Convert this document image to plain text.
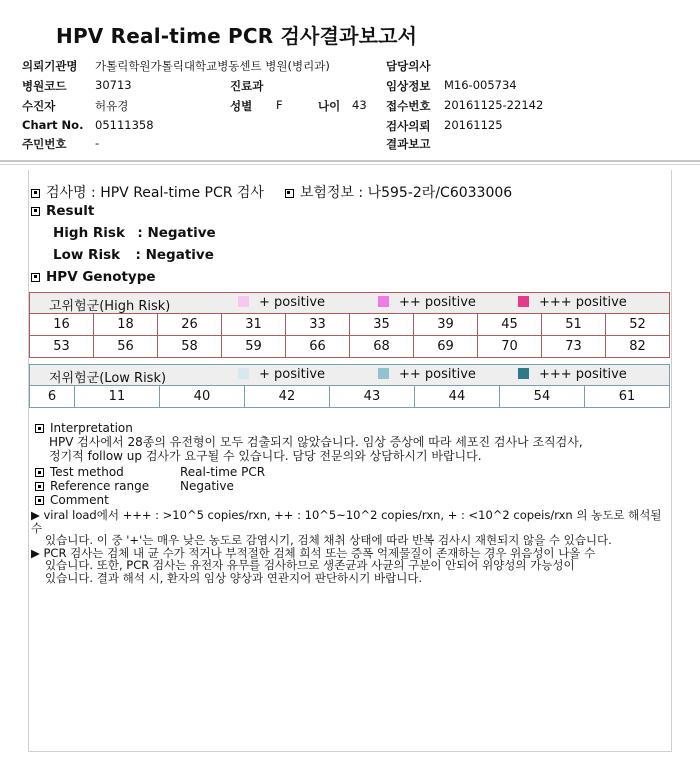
HPV Real-time PCR 검사결과보고서
의뢰기관명 가톨릭학원가톨릭대학교병동센트 병원(병리과)
병원코드 30713
수진자	허유경
Chart No. 05111358
주민번호 -
진료과
성별 F	나이 43
담당의사
임상정보 M16-005734
접수번호 20161125-22142
검사의뢰 20161125
결과보고
검사명 : HPV Real-time PCR 검사	보험정보 : 나595-2라/C6033006
Result
High Risk : Negative
Low Risk : Negative
HPV Genotype
고위험군(High Risk)	+ positive	++ positive	+++ positive
16	18	26	31	33	35	39	45	51	52
53	56	58	59	66	68	69	70	73	82
저위험군(Low Risk)	+ positive	++ positive	+++ positive
6	11	40	42	43	44	54	61
Interpretation
HPV 검사에서 28종의 유전형이 모두 검출되지 않았습니다. 임상 증상에 따라 세포진 검사나 조직검사,
정기적 follow up 검사가 요구될 수 있습니다. 담당 전문의와 상담하시기 바랍니다.
Test method	Real-time PCR
Reference range	Negative
Comment
▶ viral load에서 +++ : >10^5 copies/rxn, ++ : 10^5~10^2 copies/rxn, + : <10^2 copeis/rxn 의 농도로 해석될 수
있습니다. 이 중 '+'는 매우 낮은 농도로 감염시기, 검체 채취 상태에 따라 반복 검사시 재현되지 않을 수 있습니다.
▶ PCR 검사는 검체 내 균 수가 적거나 부적절한 검체 희석 또는 증폭 억제물질이 존재하는 경우 위음성이 나올 수
있습니다. 또한, PCR 검사는 유전자 유무를 검사하므로 생존균과 사균의 구분이 안되어 위양성의 가능성이
있습니다. 결과 해석 시, 환자의 임상 양상과 연관지어 판단하시기 바랍니다.
